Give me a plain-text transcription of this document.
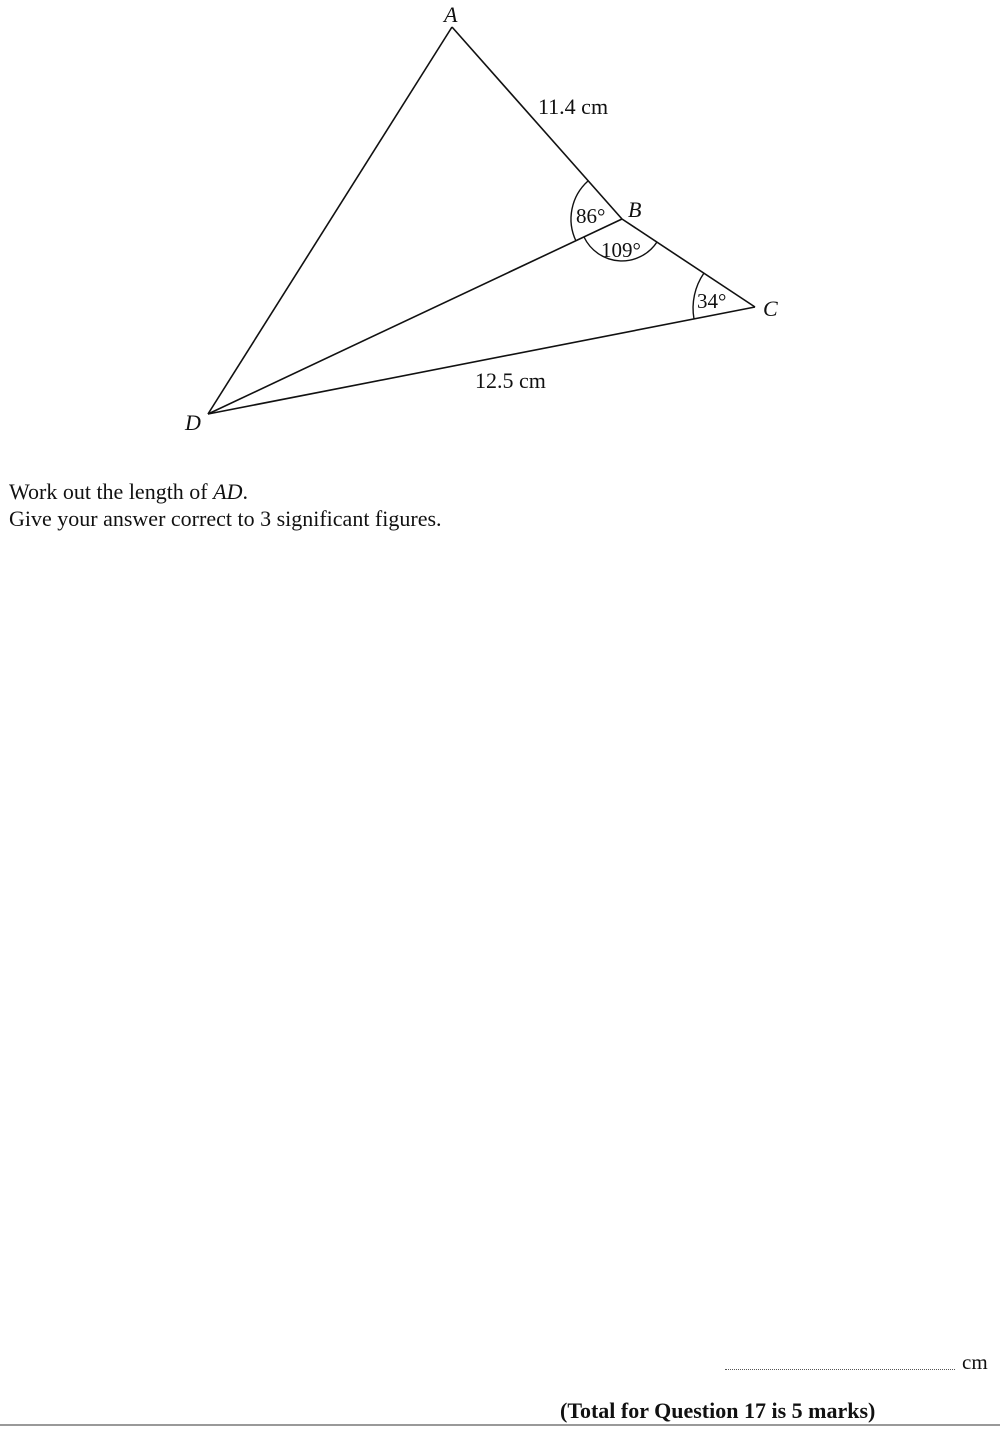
A
B
C
D
11.4 cm
12.5 cm
86°
109°
34°

Work out the length of AD.

Give your answer correct to 3 significant figures.

cm
(Total for Question 17 is 5 marks)
